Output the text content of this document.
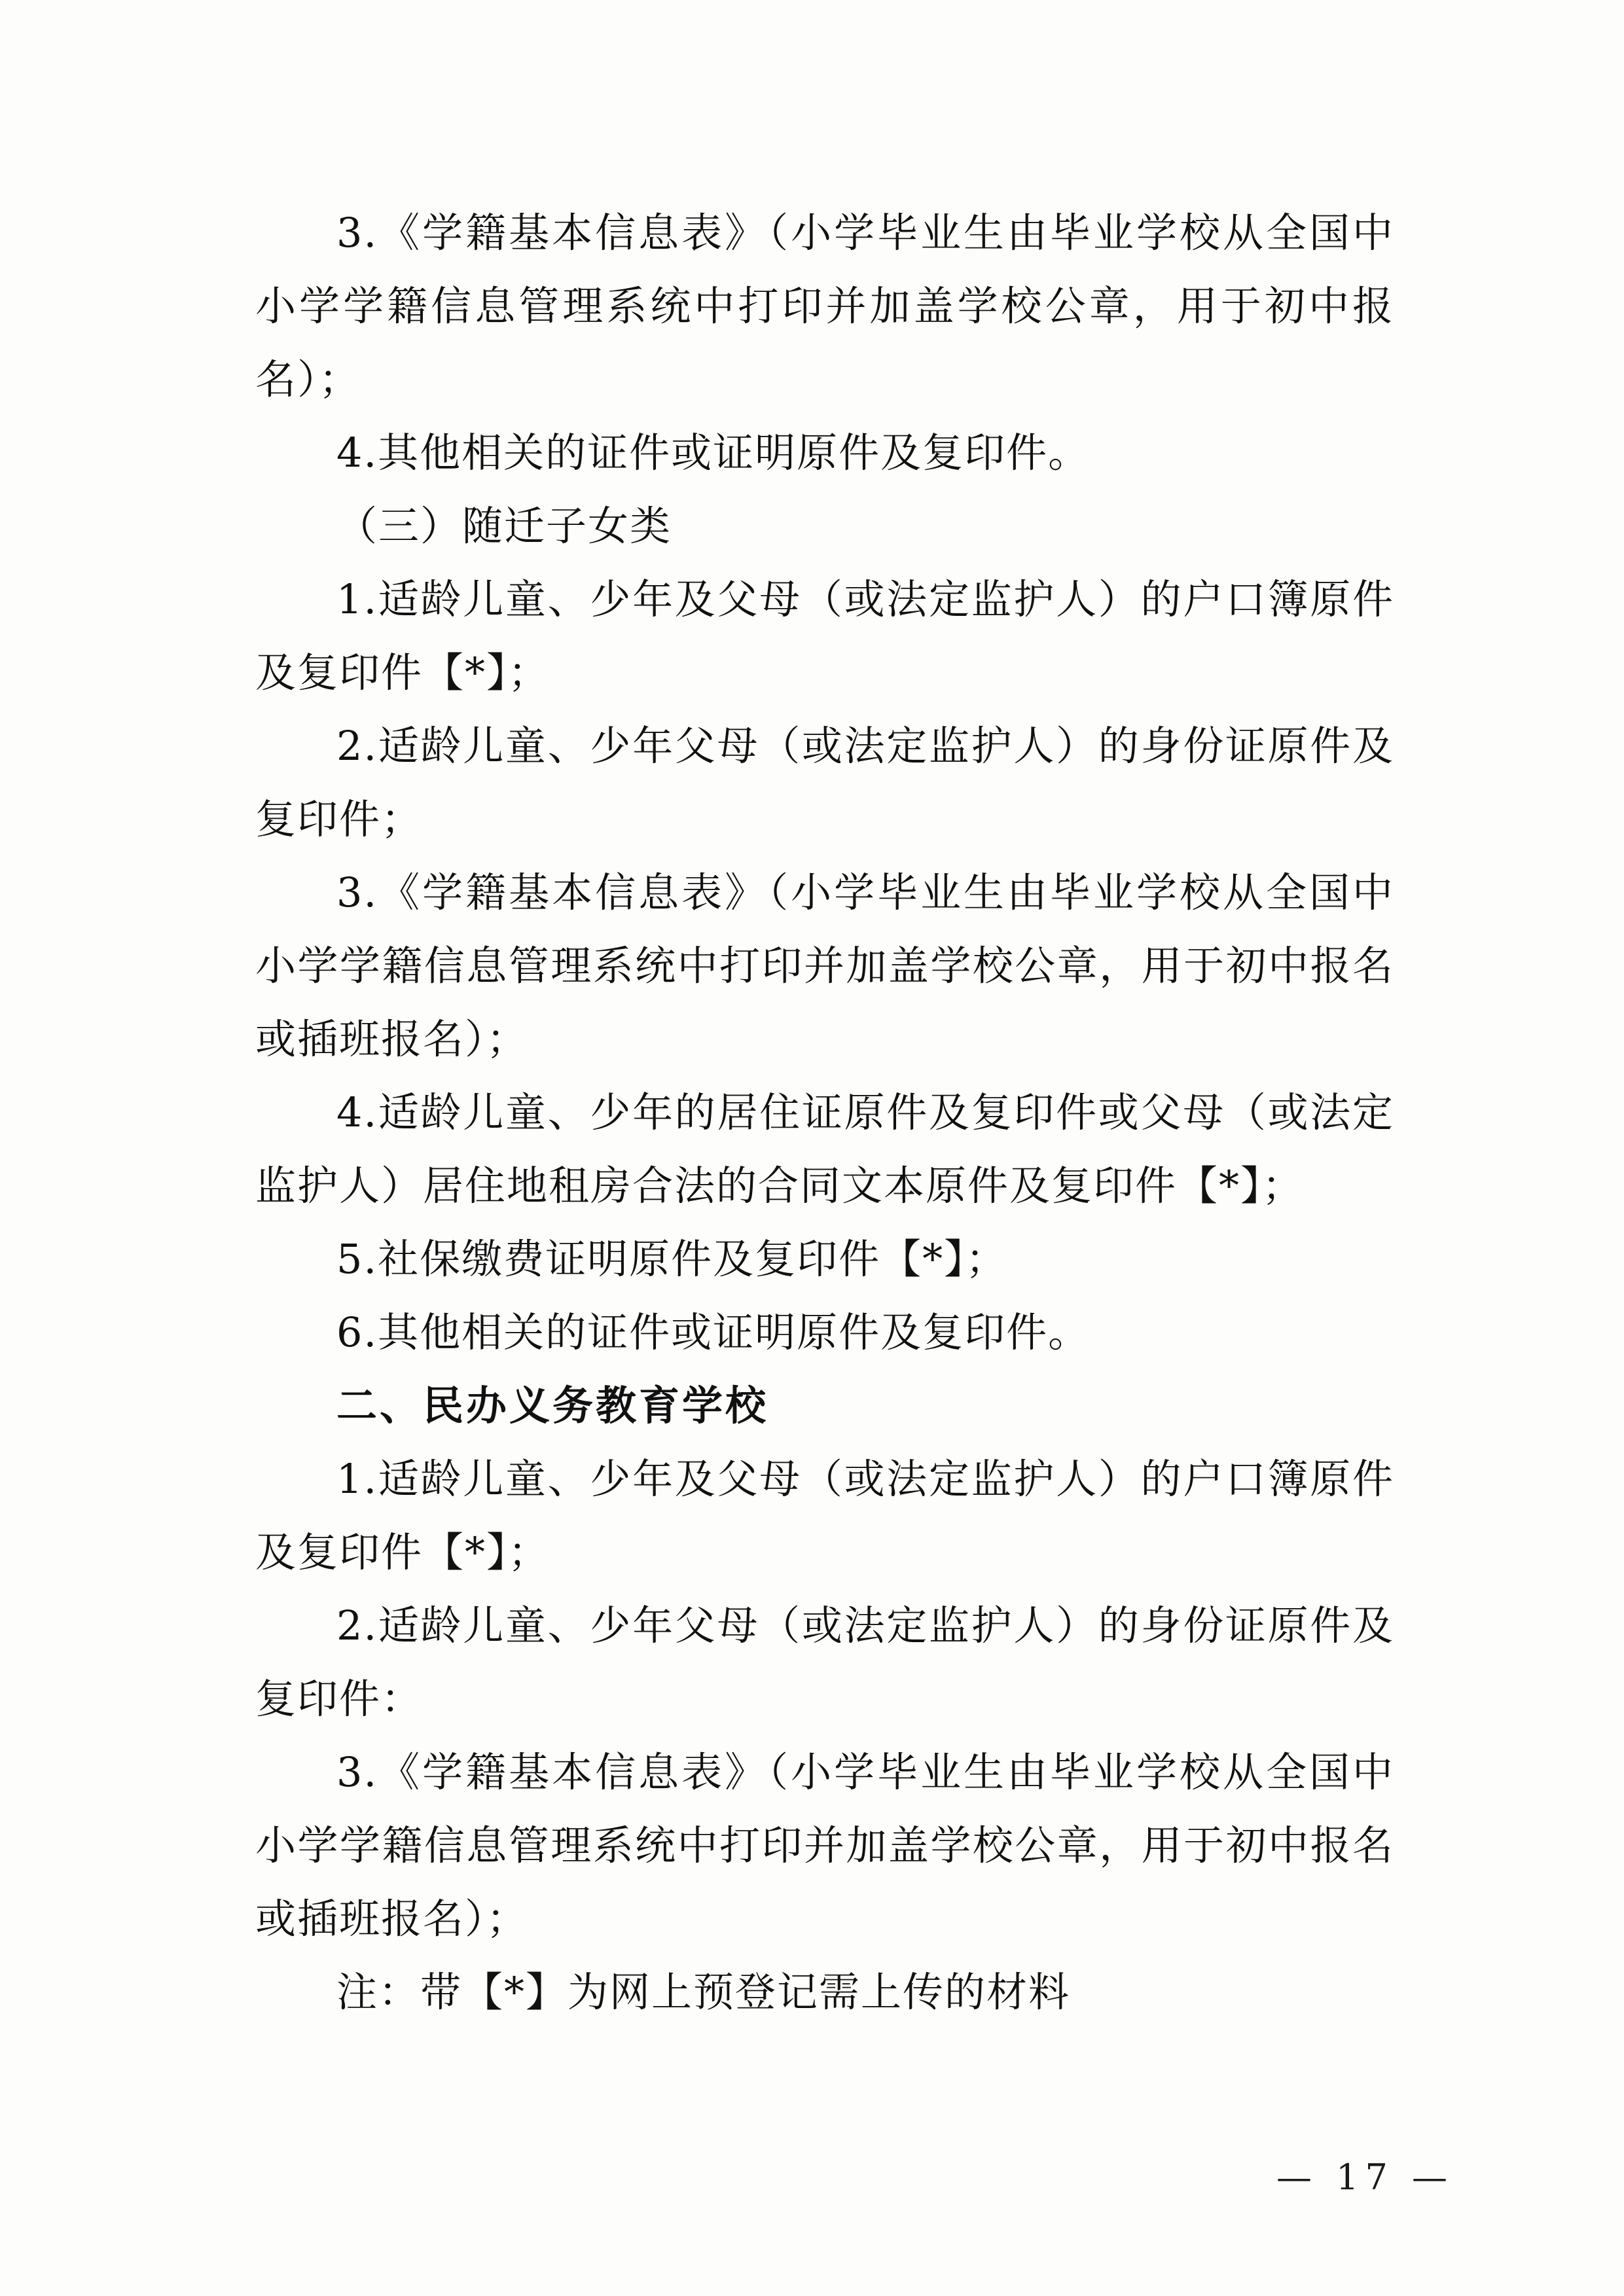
3.《学籍基本信息表》（小学毕业生由毕业学校从全国中小学学籍信息管理系统中打印并加盖学校公章，用于初中报名）；

4.其他相关的证件或证明原件及复印件。

（三）随迁子女类

1.适龄儿童、少年及父母（或法定监护人）的户口簿原件及复印件【*】；

2.适龄儿童、少年父母（或法定监护人）的身份证原件及复印件；

3.《学籍基本信息表》（小学毕业生由毕业学校从全国中小学学籍信息管理系统中打印并加盖学校公章，用于初中报名或插班报名）；

4.适龄儿童、少年的居住证原件及复印件或父母（或法定监护人）居住地租房合法的合同文本原件及复印件【*】；

5.社保缴费证明原件及复印件【*】；

6.其他相关的证件或证明原件及复印件。

二、民办义务教育学校

1.适龄儿童、少年及父母（或法定监护人）的户口簿原件及复印件【*】；

2.适龄儿童、少年父母（或法定监护人）的身份证原件及复印件：

3.《学籍基本信息表》（小学毕业生由毕业学校从全国中小学学籍信息管理系统中打印并加盖学校公章，用于初中报名或插班报名）；

注：带【*】为网上预登记需上传的材料

— 17 —
